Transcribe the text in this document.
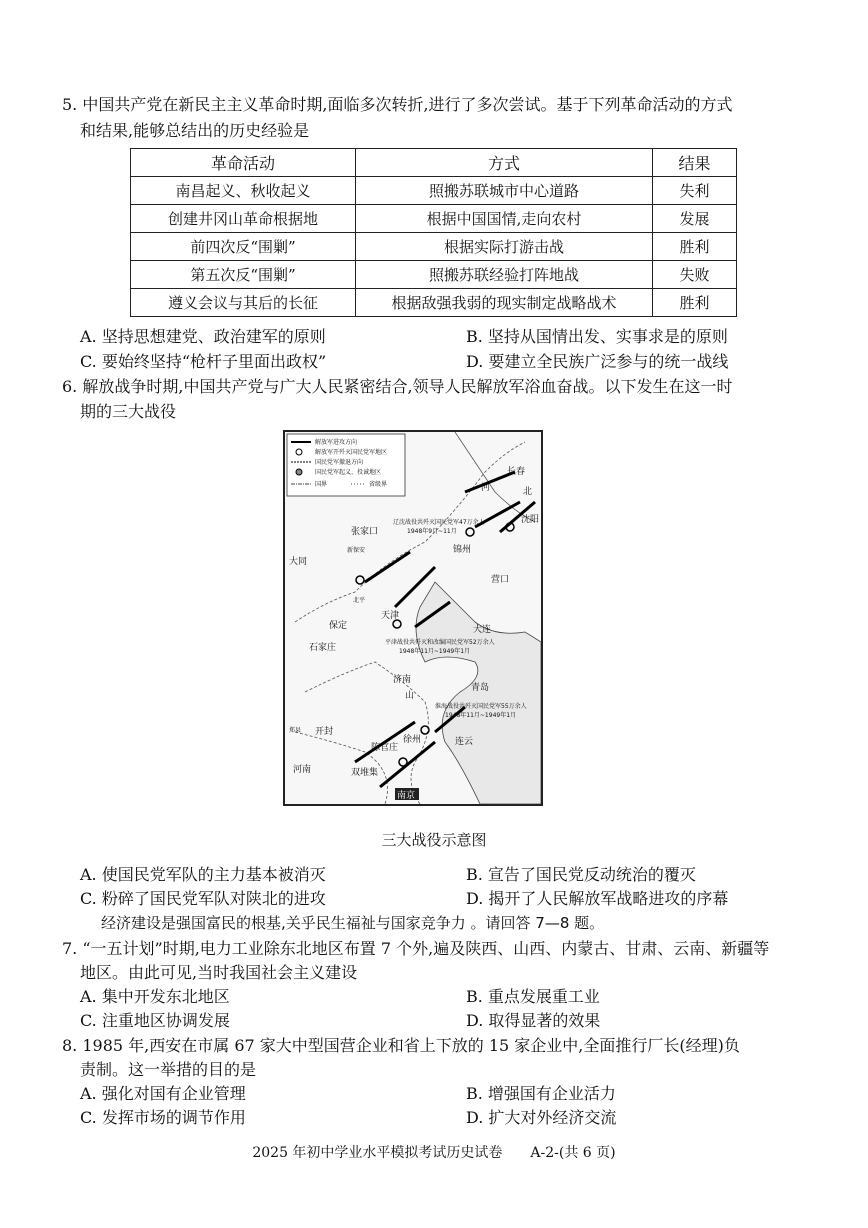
5. 中国共产党在新民主主义革命时期,面临多次转折,进行了多次尝试。基于下列革命活动的方式
和结果,能够总结出的历史经验是
革命活动	方式	结果
南昌起义、秋收起义	照搬苏联城市中心道路	失利
创建井冈山革命根据地	根据中国国情,走向农村	发展
前四次反“围剿”	根据实际打游击战	胜利
第五次反“围剿”	照搬苏联经验打阵地战	失败
遵义会议与其后的长征	根据敌强我弱的现实制定战略战术	胜利
A. 坚持思想建党、政治建军的原则	B. 坚持从国情出发、实事求是的原则
C. 要始终坚持“枪杆子里面出政权”	D. 要建立全民族广泛参与的统一战线
6. 解放战争时期,中国共产党与广大人民紧密结合,领导人民解放军浴血奋战。以下发生在这一时
期的三大战役
解放军进攻方向
解放军开歼灭国民党军地区
国民党军撤退方向
国民党军起义、投诚地区
国界	省级界
辽沈战役共歼灭国民党军47万余人
1948年9月~11月
长春
沈阳
锦州
营口
大连
北
河
张家口
新保安
大同
北平
天津
保定
石家庄
平津战役共歼灭和改编国民党军52万余人
1948年11月~1949年1月
济南
青岛
淮海战役共歼灭国民党军55万余人
1948年11月~1949年1月
徐州	连云
开封
郑县
陈官庄
双堆集
南京
山
河南
三大战役示意图
A. 使国民党军队的主力基本被消灭	B. 宣告了国民党反动统治的覆灭
C. 粉碎了国民党军队对陕北的进攻	D. 揭开了人民解放军战略进攻的序幕
经济建设是强国富民的根基,关乎民生福祉与国家竞争力 。请回答 7—8 题。
7. “一五计划”时期,电力工业除东北地区布置 7 个外,遍及陕西、山西、内蒙古、甘肃、云南、新疆等
地区。由此可见,当时我国社会主义建设
A. 集中开发东北地区	B. 重点发展重工业
C. 注重地区协调发展	D. 取得显著的效果
8. 1985 年,西安在市属 67 家大中型国营企业和省上下放的 15 家企业中,全面推行厂长(经理)负
责制。这一举措的目的是
A. 强化对国有企业管理	B. 增强国有企业活力
C. 发挥市场的调节作用	D. 扩大对外经济交流
2025 年初中学业水平模拟考试历史试卷　　A-2-(共 6 页)
